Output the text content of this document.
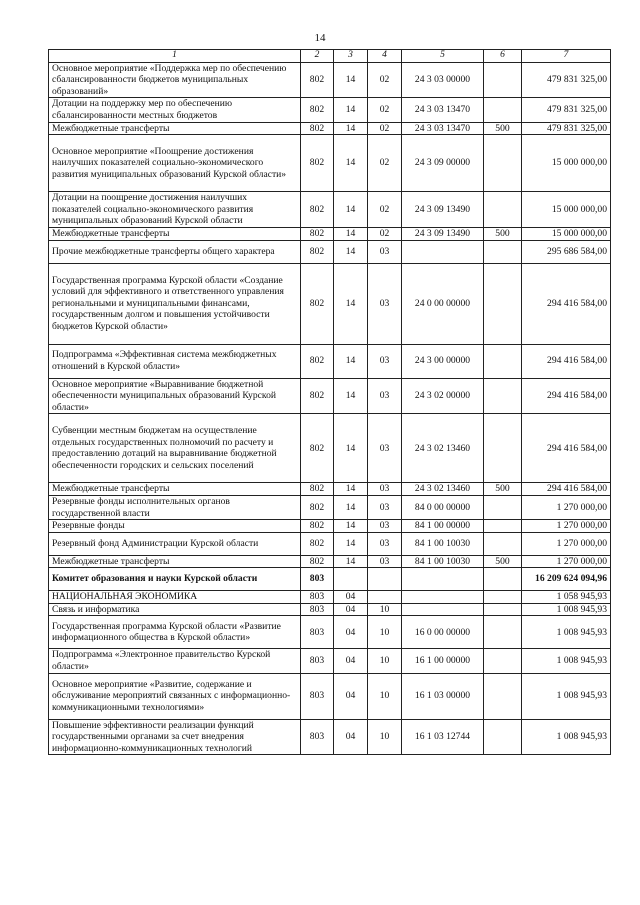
14
1	2	3	4	5	6	7
Основное мероприятие «Поддержка мер по обеспечению сбалансированности бюджетов муниципальных образований»	802	14	02	24 3 03 00000		479 831 325,00
Дотации на поддержку мер по обеспечению сбалансированности местных бюджетов	802	14	02	24 3 03 13470		479 831 325,00
Межбюджетные трансферты	802	14	02	24 3 03 13470	500	479 831 325,00
Основное мероприятие «Поощрение достижения наилучших показателей социально-экономического развития муниципальных образований Курской области»	802	14	02	24 3 09 00000		15 000 000,00
Дотации на поощрение достижения наилучших показателей социально-экономического развития муниципальных образований Курской области	802	14	02	24 3 09 13490		15 000 000,00
Межбюджетные трансферты	802	14	02	24 3 09 13490	500	15 000 000,00
Прочие межбюджетные трансферты общего характера	802	14	03			295 686 584,00
Государственная программа Курской области «Создание условий для эффективного и ответственного управления региональными и муниципальными финансами, государственным долгом и повышения устойчивости бюджетов Курской области»	802	14	03	24 0 00 00000		294 416 584,00
Подпрограмма «Эффективная система межбюджетных отношений в Курской области»	802	14	03	24 3 00 00000		294 416 584,00
Основное мероприятие «Выравнивание бюджетной обеспеченности муниципальных образований Курской области»	802	14	03	24 3 02 00000		294 416 584,00
Субвенции местным бюджетам на осуществление отдельных государственных полномочий по расчету и предоставлению дотаций на выравнивание бюджетной обеспеченности городских и сельских поселений	802	14	03	24 3 02 13460		294 416 584,00
Межбюджетные трансферты	802	14	03	24 3 02 13460	500	294 416 584,00
Резервные фонды исполнительных органов государственной власти	802	14	03	84 0 00 00000		1 270 000,00
Резервные фонды	802	14	03	84 1 00 00000		1 270 000,00
Резервный фонд Администрации Курской области	802	14	03	84 1 00 10030		1 270 000,00
Межбюджетные трансферты	802	14	03	84 1 00 10030	500	1 270 000,00
Комитет образования и науки Курской области	803					16 209 624 094,96
НАЦИОНАЛЬНАЯ ЭКОНОМИКА	803	04				1 058 945,93
Связь и информатика	803	04	10			1 008 945,93
Государственная программа Курской области «Развитие информационного общества в Курской области»	803	04	10	16 0 00 00000		1 008 945,93
Подпрограмма «Электронное правительство Курской области»	803	04	10	16 1 00 00000		1 008 945,93
Основное мероприятие «Развитие, содержание и обслуживание мероприятий связанных с информационно-коммуникационными технологиями»	803	04	10	16 1 03 00000		1 008 945,93
Повышение эффективности реализации функций государственными органами за счет внедрения информационно-коммуникационных технологий	803	04	10	16 1 03 12744		1 008 945,93
